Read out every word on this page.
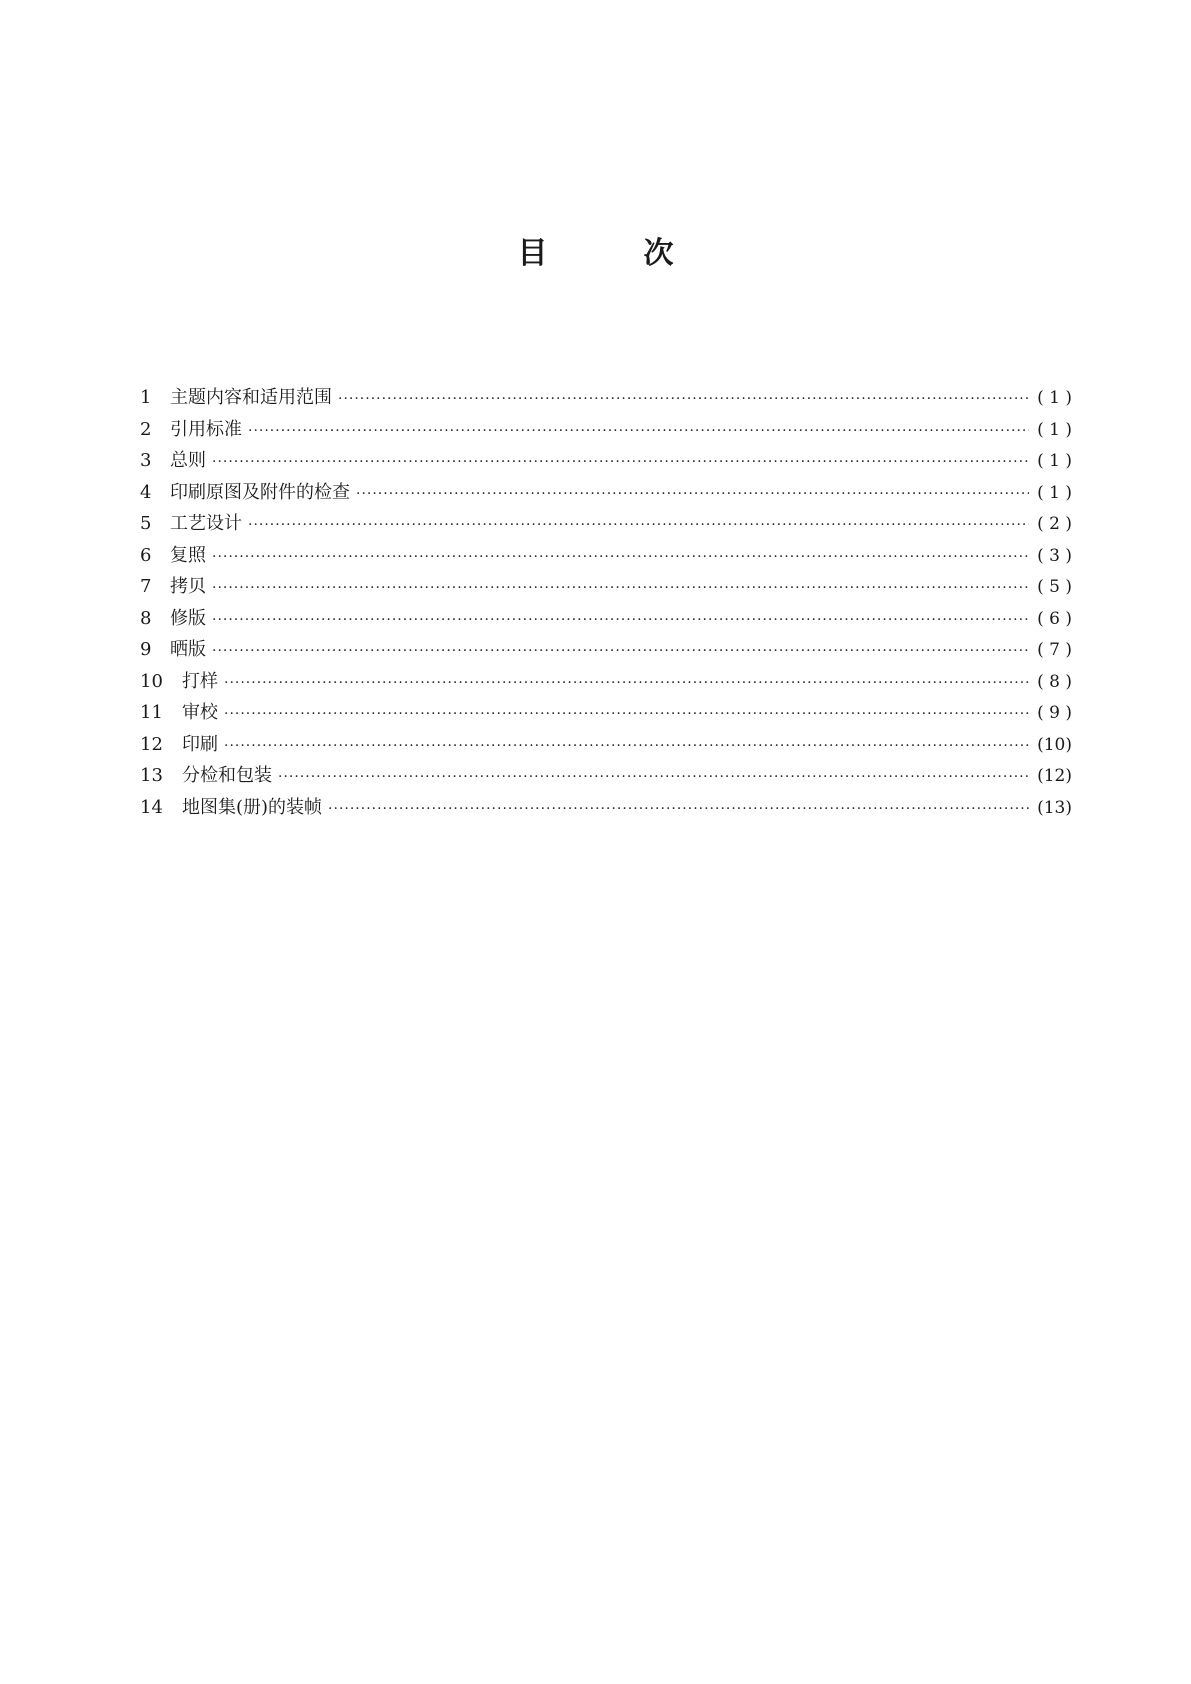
目	次
1	主题内容和适用范围 ·····	( 1 )
2	引用标准 ·····	( 1 )
3	总则 ·····	( 1 )
4	印刷原图及附件的检查 ·····	( 1 )
5	工艺设计 ·····	( 2 )
6	复照 ·····	( 3 )
7	拷贝 ·····	( 5 )
8	修版 ·····	( 6 )
9	晒版 ·····	( 7 )
10	打样 ·····	( 8 )
11	审校 ·····	( 9 )
12	印刷 ·····	(10)
13	分检和包装 ·····	(12)
14	地图集(册)的装帧 ·····	(13)
